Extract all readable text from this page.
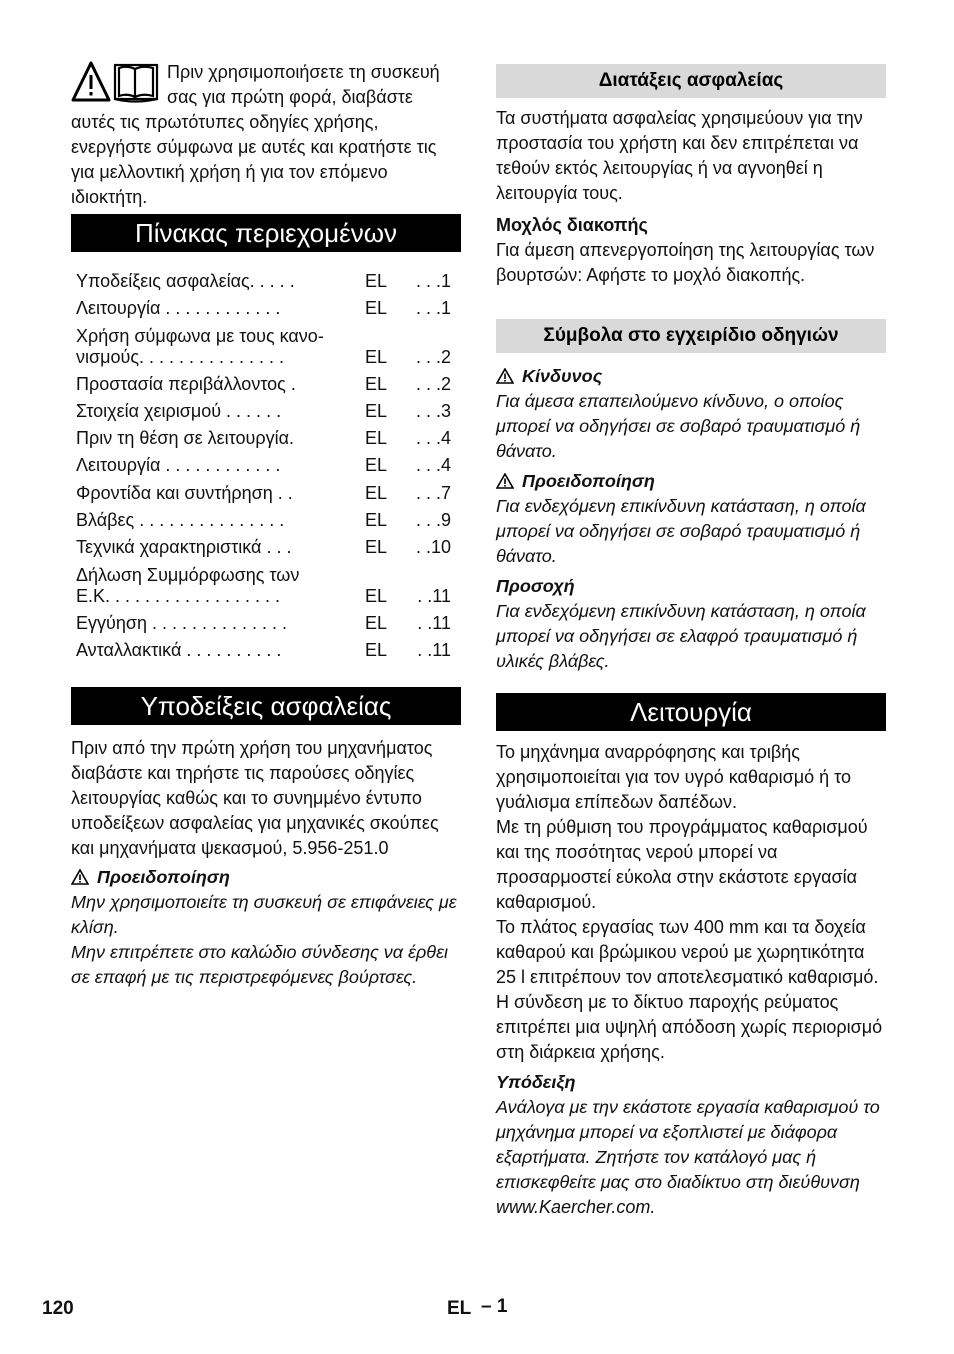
Πριν χρησιμοποιήσετε τη συσκευή σας για πρώτη φορά, διαβάστε αυτές τις πρωτότυπες οδηγίες χρήσης, ενεργήστε σύμφωνα με αυτές και κρατήστε τις για μελλοντική χρήση ή για τον επόμενο ιδιοκτήτη.
Πίνακας περιεχομένων
Υποδείξεις ασφαλείας. . . . .	EL . . .1
Λειτουργία . . . . . . . . . . . .	EL . . .1
Χρήση σύμφωνα με τους κανο-
νισμούς. . . . . . . . . . . . . . .	EL . . .2
Προστασία περιβάλλοντος .	EL . . .2
Στοιχεία χειρισμού . . . . . .	EL . . .3
Πριν τη θέση σε λειτουργία.	EL . . .4
Λειτουργία . . . . . . . . . . . .	EL . . .4
Φροντίδα και συντήρηση . .	EL . . .7
Βλάβες . . . . . . . . . . . . . . .	EL . . .9
Τεχνικά χαρακτηριστικά . . .	EL . .10
Δήλωση Συμμόρφωσης των
Ε.Κ. . . . . . . . . . . . . . . . . .	EL . .11
Εγγύηση . . . . . . . . . . . . . .	EL . .11
Ανταλλακτικά . . . . . . . . . .	EL . .11
Υποδείξεις ασφαλείας

Πριν από την πρώτη χρήση του μηχανήματος διαβάστε και τηρήστε τις παρούσες οδηγίες λειτουργίας καθώς και το συνημμένο έντυπο υποδείξεων ασφαλείας για μηχανικές σκούπες και μηχανήματα ψεκασμού, 5.956-251.0

Προειδοποίηση

Μην χρησιμοποιείτε τη συσκευή σε επιφάνειες με κλίση.

Μην επιτρέπετε στο καλώδιο σύνδεσης να έρθει σε επαφή με τις περιστρεφόμενες βούρτσες.

Διατάξεις ασφαλείας

Τα συστήματα ασφαλείας χρησιμεύουν για την προστασία του χρήστη και δεν επιτρέπεται να τεθούν εκτός λειτουργίας ή να αγνοηθεί η λειτουργία τους.

Μοχλός διακοπής

Για άμεση απενεργοποίηση της λειτουργίας των βουρτσών: Αφήστε το μοχλό διακοπής.

Σύμβολα στο εγχειρίδιο οδηγιών

Κίνδυνος

Για άμεσα επαπειλούμενο κίνδυνο, ο οποίος μπορεί να οδηγήσει σε σοβαρό τραυματισμό ή θάνατο.

Προειδοποίηση

Για ενδεχόμενη επικίνδυνη κατάσταση, η οποία μπορεί να οδηγήσει σε σοβαρό τραυματισμό ή θάνατο.

Προσοχή

Για ενδεχόμενη επικίνδυνη κατάσταση, η οποία μπορεί να οδηγήσει σε ελαφρό τραυματισμό ή υλικές βλάβες.

Λειτουργία

Το μηχάνημα αναρρόφησης και τριβής χρησιμοποιείται για τον υγρό καθαρισμό ή το γυάλισμα επίπεδων δαπέδων.

Με τη ρύθμιση του προγράμματος καθαρισμού και της ποσότητας νερού μπορεί να προσαρμοστεί εύκολα στην εκάστοτε εργασία καθαρισμού.

Το πλάτος εργασίας των 400 mm και τα δοχεία καθαρού και βρώμικου νερού με χωρητικότητα 25 l επιτρέπουν τον αποτελεσματικό καθαρισμό.

Η σύνδεση με το δίκτυο παροχής ρεύματος επιτρέπει μια υψηλή απόδοση χωρίς περιορισμό στη διάρκεια χρήσης.

Υπόδειξη

Ανάλογα με την εκάστοτε εργασία καθαρισμού το μηχάνημα μπορεί να εξοπλιστεί με διάφορα εξαρτήματα. Ζητήστε τον κατάλογό μας ή επισκεφθείτε μας στο διαδίκτυο στη διεύθυνση www.Kaercher.com.

120	EL – 1
